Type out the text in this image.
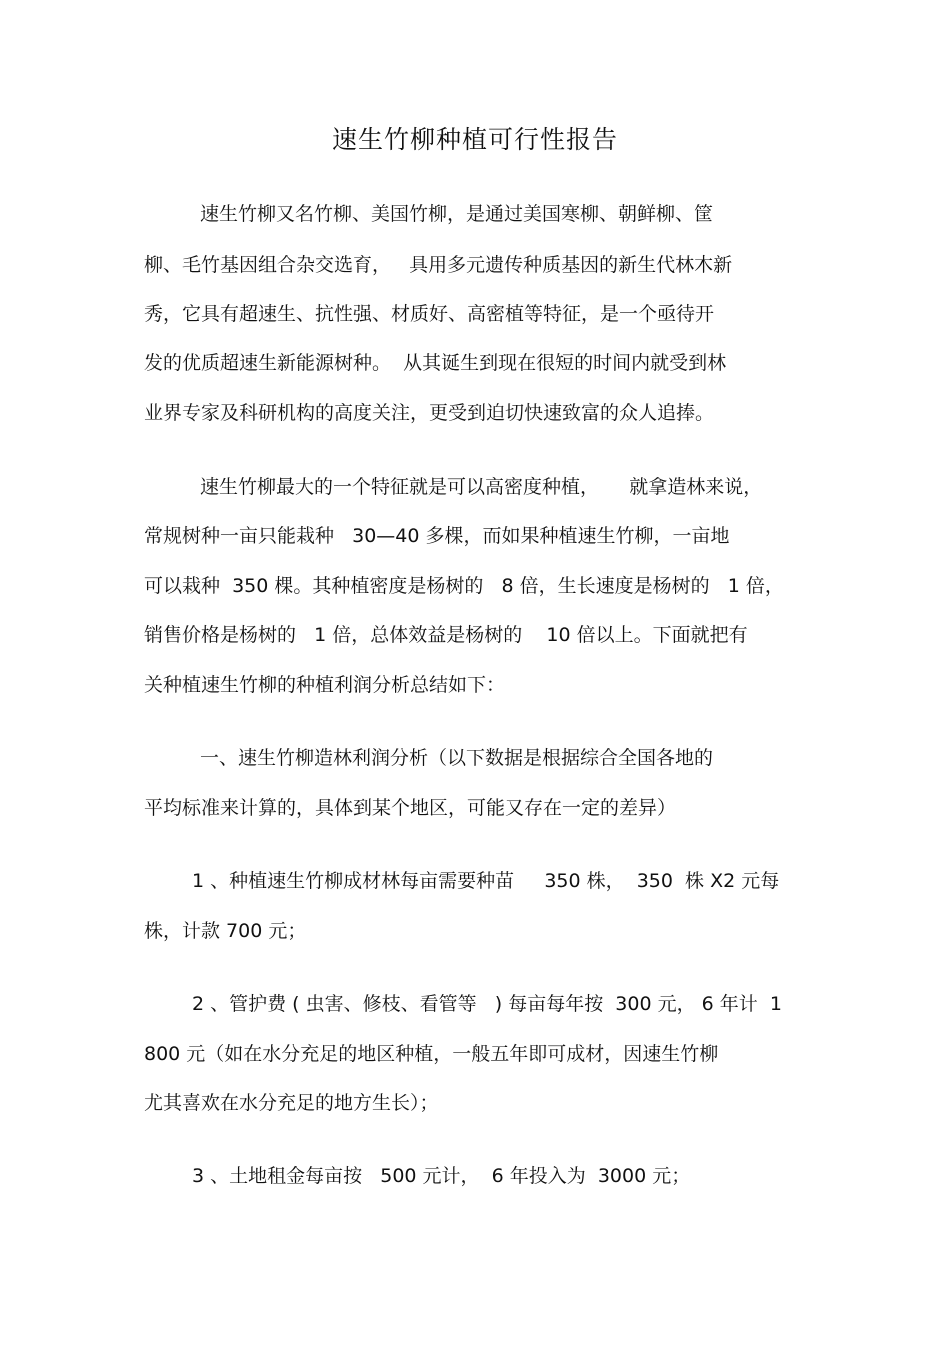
速生竹柳种植可行性报告

速生竹柳又名竹柳、美国竹柳，是通过美国寒柳、朝鲜柳、筐

柳、毛竹基因组合杂交选育，   具用多元遗传种质基因的新生代林木新

秀，它具有超速生、抗性强、材质好、高密植等特征，是一个亟待开

发的优质超速生新能源树种。  从其诞生到现在很短的时间内就受到林

业界专家及科研机构的高度关注，更受到迫切快速致富的众人追捧。

速生竹柳最大的一个特征就是可以高密度种植，     就拿造林来说，

常规树种一亩只能栽种   30—40 多棵，而如果种植速生竹柳，一亩地

可以栽种  350 棵。其种植密度是杨树的   8 倍，生长速度是杨树的   1 倍，

销售价格是杨树的   1 倍，总体效益是杨树的    10 倍以上。下面就把有

关种植速生竹柳的种植利润分析总结如下：

一、速生竹柳造林利润分析（以下数据是根据综合全国各地的

平均标准来计算的，具体到某个地区，可能又存在一定的差异）

1 、种植速生竹柳成材林每亩需要种苗     350 株，  350  株 X2 元每

株，计款 700 元；

2 、管护费 ( 虫害、修枝、看管等   ) 每亩每年按  300 元， 6 年计  1

800 元（如在水分充足的地区种植，一般五年即可成材，因速生竹柳

尤其喜欢在水分充足的地方生长）；

3 、土地租金每亩按   500 元计，  6 年投入为  3000 元；
